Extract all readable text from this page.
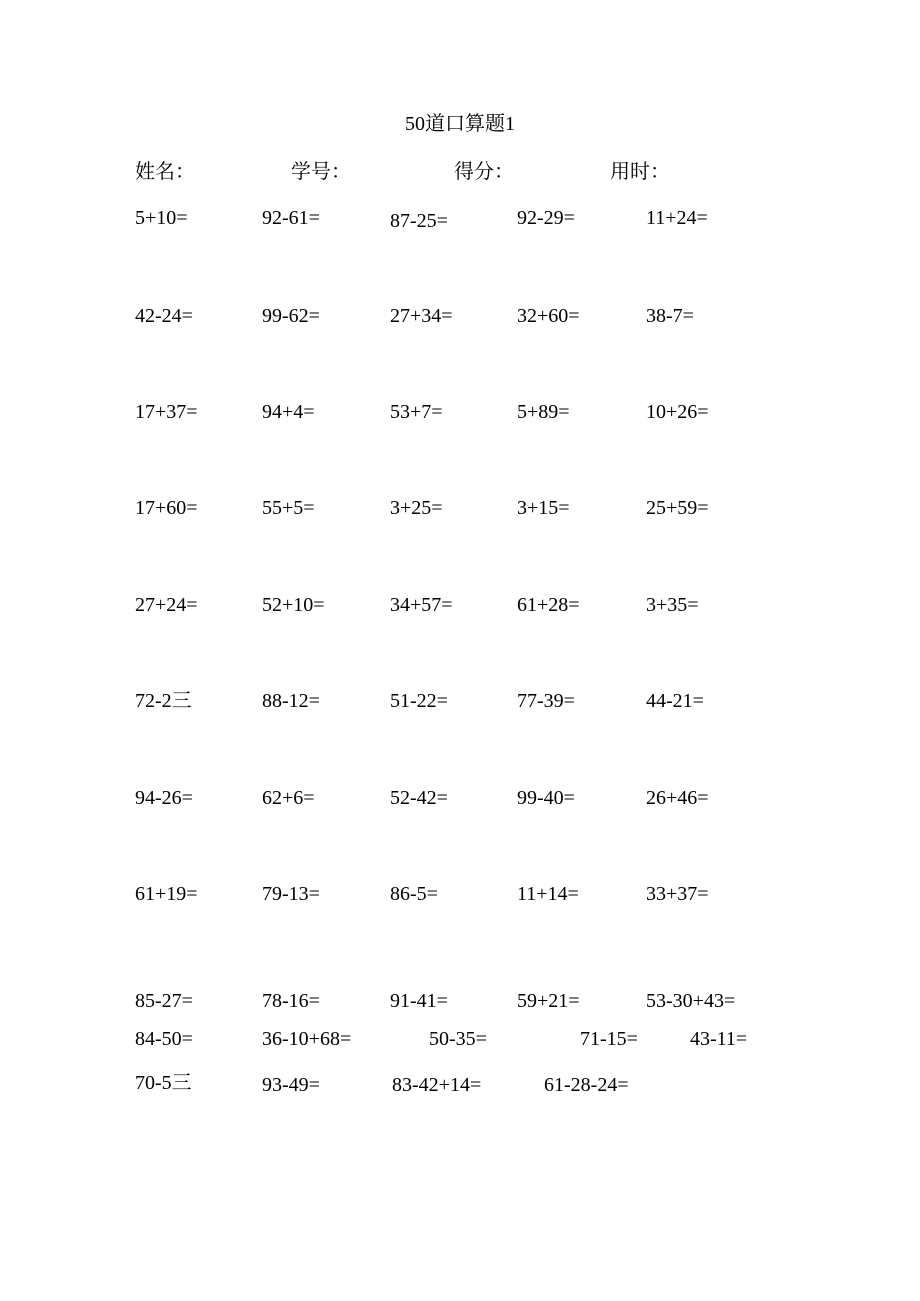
50道口算题1
姓名：	学号：	得分：	用时：
5+10=	92-61=	87-25=	92-29=	11+24=
42-24=	99-62=	27+34=	32+60=	38-7=
17+37=	94+4=	53+7=	5+89=	10+26=
17+60=	55+5=	3+25=	3+15=	25+59=
27+24=	52+10=	34+57=	61+28=	3+35=
72-2三	88-12=	51-22=	77-39=	44-21=
94-26=	62+6=	52-42=	99-40=	26+46=
61+19=	79-13=	86-5=	11+14=	33+37=
85-27=	78-16=	91-41=	59+21=	53-30+43=
84-50=	36-10+68=	50-35=	71-15=	43-11=
70-5三	93-49=	83-42+14=	61-28-24=
